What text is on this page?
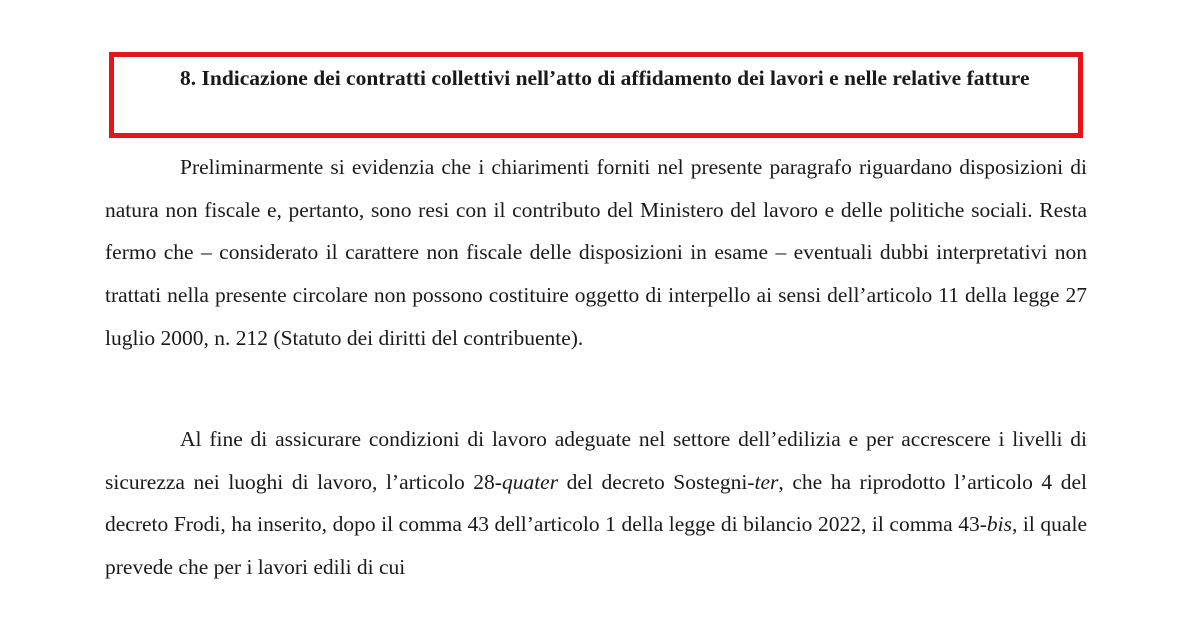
8. Indicazione dei contratti collettivi nell’atto di affidamento dei lavori e nelle relative fatture

Preliminarmente si evidenzia che i chiarimenti forniti nel presente paragrafo riguardano disposizioni di natura non fiscale e, pertanto, sono resi con il contributo del Ministero del lavoro e delle politiche sociali. Resta fermo che – considerato il carattere non fiscale delle disposizioni in esame – eventuali dubbi interpretativi non trattati nella presente circolare non possono costituire oggetto di interpello ai sensi dell’articolo 11 della legge 27 luglio 2000, n. 212 (Statuto dei diritti del contribuente).

Al fine di assicurare condizioni di lavoro adeguate nel settore dell’edilizia e per accrescere i livelli di sicurezza nei luoghi di lavoro, l’articolo 28-quater del decreto Sostegni-ter, che ha riprodotto l’articolo 4 del decreto Frodi, ha inserito, dopo il comma 43 dell’articolo 1 della legge di bilancio 2022, il comma 43-bis, il quale prevede che per i lavori edili di cui
